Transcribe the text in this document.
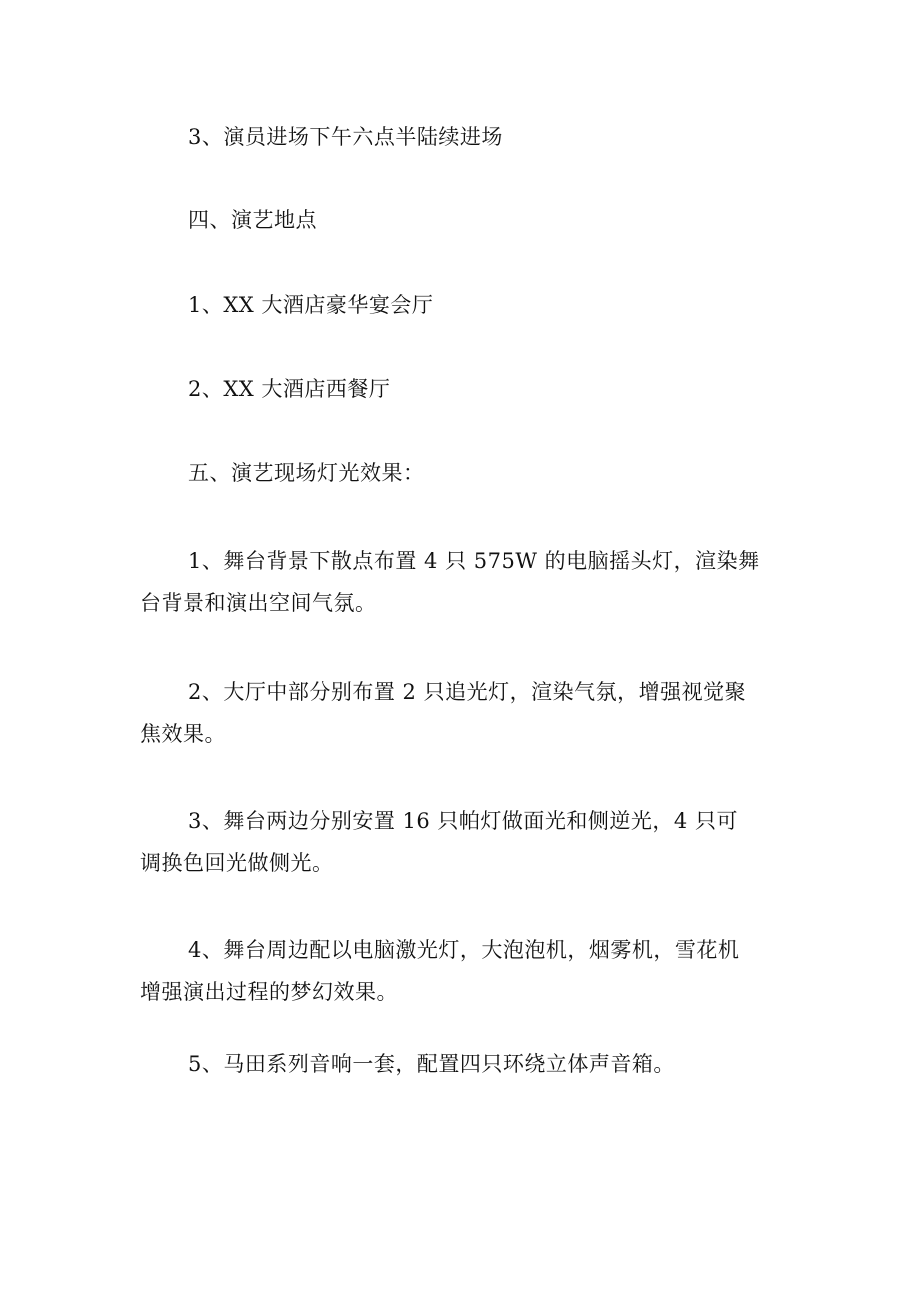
3、演员进场下午六点半陆续进场

四、演艺地点

1、XX 大酒店豪华宴会厅

2、XX 大酒店西餐厅

五、演艺现场灯光效果：

1、舞台背景下散点布置 4 只 575W 的电脑摇头灯，渲染舞
台背景和演出空间气氛。

2、大厅中部分别布置 2 只追光灯，渲染气氛，增强视觉聚
焦效果。

3、舞台两边分别安置 16 只帕灯做面光和侧逆光，4 只可
调换色回光做侧光。

4、舞台周边配以电脑激光灯，大泡泡机，烟雾机，雪花机
增强演出过程的梦幻效果。

5、马田系列音响一套，配置四只环绕立体声音箱。
